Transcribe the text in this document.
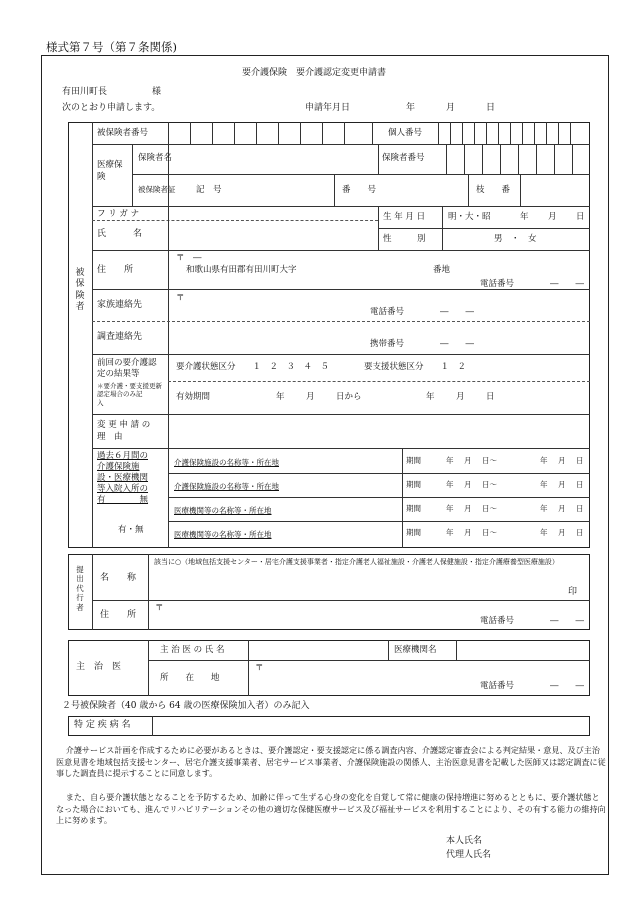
様式第７号（第７条関係)
要介護保険　要介護認定変更申請書
有田川町長	様
次のとおり申請します。	申請年月日	年	月	日
被保険者
被保険者番号	個人番号
医療保険
保険者名	保険者番号
被保険者証 記　号	番　　号	枝　　番
フ リ ガ ナ
氏　　　名
生 年 月 日	明・大・昭	年 月 日
性　　　別	男　・　女
住　　所
〒　―
和歌山県有田郡有田川町大字	番地
電話番号	―　　―
家族連絡先
〒
電話番号	―　　―
調査連絡先
携帯番号	―　　―
前回の要介護認定の結果等
＊要介護・要支援更新認定場合のみ記　　　入
要介護状態区分　　１　２　３　４　５	要支援状態区分　　１　２
有効期間	年	月	日から	年	月	日
変 更 申 請 の　理　由
過去６月間の
介護保険施
設・医療機関
等入院入所の
有　　　　無
有・無
介護保険施設の名称等・所在地	期間	年 月 日～	年 月 日
介護保険施設の名称等・所在地	期間	年 月 日～	年 月 日
医療機関等の名称等・所在地	期間	年 月 日～	年 月 日
医療機関等の名称等・所在地	期間	年 月 日～	年 月 日
提出代行者
名　　称
該当に○（地域包括支援センター・居宅介護支援事業者・指定介護老人福祉施設・介護老人保健施設・指定介護療養型医療施設）
印
住　　所
〒
電話番号	―　　―
主　治　医
主 治 医 の 氏 名	医療機関名
所　　在　　地
〒
電話番号	―　　―
２号被保険者（40 歳から 64 歳の医療保険加入者）のみ記入
特 定 疾 病 名
介護サービス計画を作成するために必要があるときは、要介護認定・要支援認定に係る調査内容、介護認定審査会による判定結果・意見、及び主治医意見書を地域包括支援センター、居宅介護支援事業者、居宅サービス事業者、介護保険施設の関係人、主治医意見書を記載した医師又は認定調査に従事した調査員に提示することに同意します。
また、自ら要介護状態となることを予防するため、加齢に伴って生ずる心身の変化を自覚して常に健康の保持増進に努めるとともに、要介護状態となった場合においても、進んでリハビリテーションその他の適切な保健医療サービス及び福祉サービスを利用することにより、その有する能力の維持向上に努めます。
本人氏名
代理人氏名
